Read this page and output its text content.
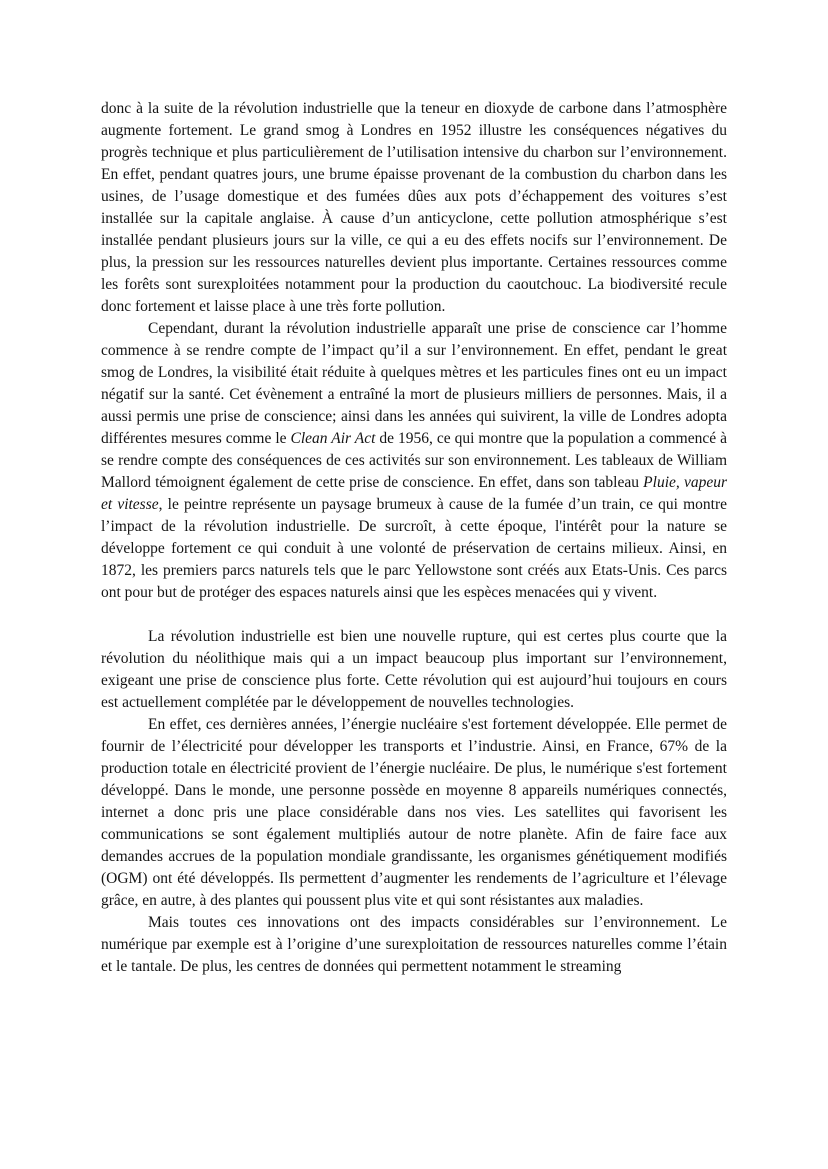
donc à la suite de la révolution industrielle que la teneur en dioxyde de carbone dans l’atmosphère augmente fortement. Le grand smog à Londres en 1952 illustre les conséquences négatives du progrès technique et plus particulièrement de l’utilisation intensive du charbon sur l’environnement. En effet, pendant quatres jours, une brume épaisse provenant de la combustion du charbon dans les usines, de l’usage domestique et des fumées dûes aux pots d’échappement des voitures s’est installée sur la capitale anglaise. À cause d’un anticyclone, cette pollution atmosphérique s’est installée pendant plusieurs jours sur la ville, ce qui a eu des effets nocifs sur l’environnement. De plus, la pression sur les ressources naturelles devient plus importante. Certaines ressources comme les forêts sont surexploitées notamment pour la production du caoutchouc. La biodiversité recule donc fortement et laisse place à une très forte pollution.

Cependant, durant la révolution industrielle apparaît une prise de conscience car l’homme commence à se rendre compte de l’impact qu’il a sur l’environnement. En effet, pendant le great smog de Londres, la visibilité était réduite à quelques mètres et les particules fines ont eu un impact négatif sur la santé. Cet évènement a entraîné la mort de plusieurs milliers de personnes. Mais, il a aussi permis une prise de conscience; ainsi dans les années qui suivirent, la ville de Londres adopta différentes mesures comme le Clean Air Act de 1956, ce qui montre que la population a commencé à se rendre compte des conséquences de ces activités sur son environnement. Les tableaux de William Mallord témoignent également de cette prise de conscience. En effet, dans son tableau Pluie, vapeur et vitesse, le peintre représente un paysage brumeux à cause de la fumée d’un train, ce qui montre l’impact de la révolution industrielle. De surcroît, à cette époque, l'intérêt pour la nature se développe fortement ce qui conduit à une volonté de préservation de certains milieux. Ainsi, en 1872, les premiers parcs naturels tels que le parc Yellowstone sont créés aux Etats-Unis. Ces parcs ont pour but de protéger des espaces naturels ainsi que les espèces menacées qui y vivent.

La révolution industrielle est bien une nouvelle rupture, qui est certes plus courte que la révolution du néolithique mais qui a un impact beaucoup plus important sur l’environnement, exigeant une prise de conscience plus forte. Cette révolution qui est aujourd’hui toujours en cours est actuellement complétée par le développement de nouvelles technologies.

En effet, ces dernières années, l’énergie nucléaire s'est fortement développée. Elle permet de fournir de l’électricité pour développer les transports et l’industrie. Ainsi, en France, 67% de la production totale en électricité provient de l’énergie nucléaire. De plus, le numérique s'est fortement développé. Dans le monde, une personne possède en moyenne 8 appareils numériques connectés, internet a donc pris une place considérable dans nos vies. Les satellites qui favorisent les communications se sont également multipliés autour de notre planète. Afin de faire face aux demandes accrues de la population mondiale grandissante, les organismes génétiquement modifiés (OGM) ont été développés. Ils permettent d’augmenter les rendements de l’agriculture et l’élevage grâce, en autre, à des plantes qui poussent plus vite et qui sont résistantes aux maladies.

Mais toutes ces innovations ont des impacts considérables sur l’environnement. Le numérique par exemple est à l’origine d’une surexploitation de ressources naturelles comme l’étain et le tantale. De plus, les centres de données qui permettent notamment le streaming
